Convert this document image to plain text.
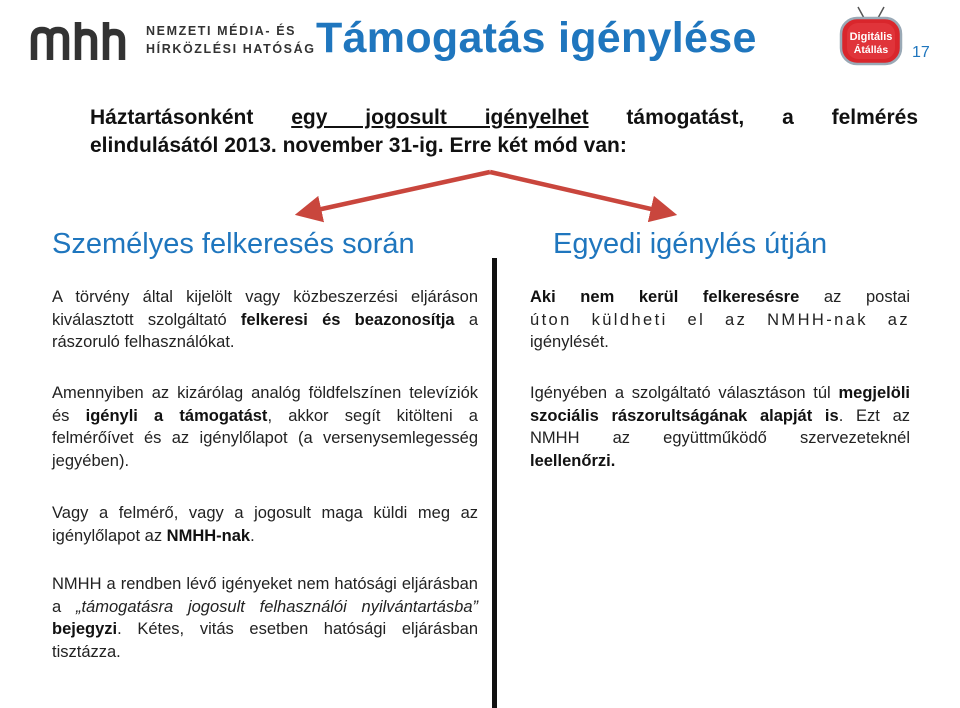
NEMZETI MÉDIA- ÉS
HÍRKÖZLÉSI HATÓSÁG Támogatás igénylése	Digitális
Átállás	17
Háztartásonként egy jogosult igényelhet támogatást, a felmérés
elindulásától 2013. november 31-ig. Erre két mód van:
Személyes felkeresés során	Egyedi igénylés útján
A törvény által kijelölt vagy közbeszerzési eljáráson kiválasztott szolgáltató felkeresi és beazonosítja a rászoruló felhasználókat.
Amennyiben az kizárólag analóg földfelszínen televíziók és igényli a támogatást, akkor segít kitölteni a felmérőívet és az igénylőlapot (a versenysemlegesség jegyében).
Vagy a felmérő, vagy a jogosult maga küldi meg az igénylőlapot az NMHH-nak.
NMHH a rendben lévő igényeket nem hatósági eljárásban a „támogatásra jogosult felhasználói nyilvántartásba” bejegyzi. Kétes, vitás esetben hatósági eljárásban tisztázza.
Aki nem kerül felkeresésre az postai
úton küldheti el az NMHH-nak az
igénylését.
Igényében a szolgáltató választáson túl megjelöli szociális rászorultságának alapját is. Ezt az NMHH az együttműködő szervezeteknél leellenőrzi.
